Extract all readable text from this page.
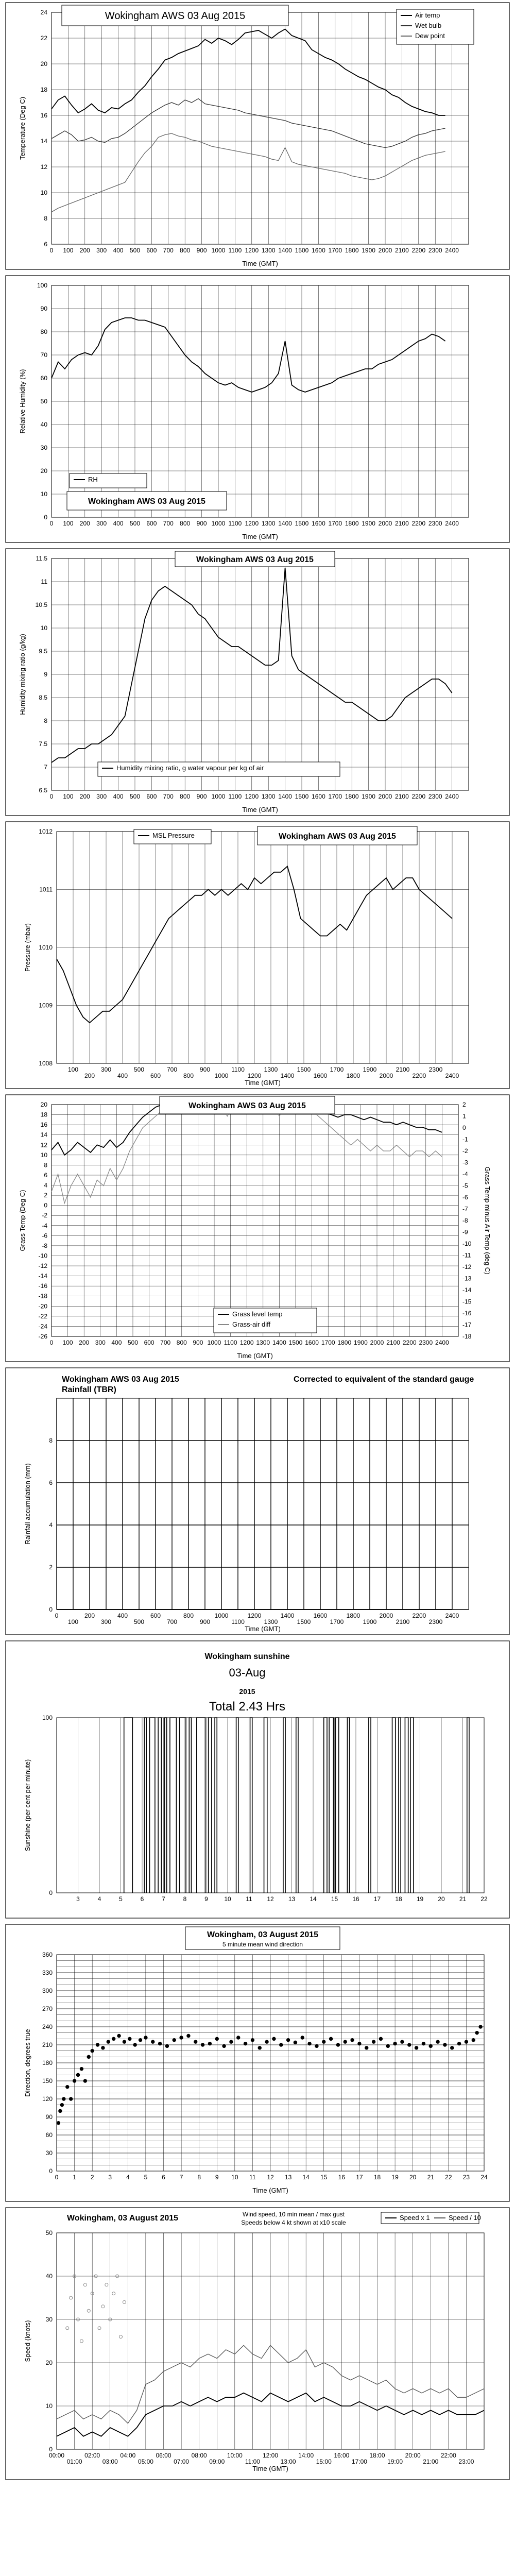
0 100 200 300 400 500 600 700 800 900 1000 1100 1200 1300 1400 1500 1600 1700 1800 1900 2000 2100 2200 2300 2400
6
8
10
12
14
16
18
20
22
24
Time (GMT)
Temperature (Deg C)
Wokingham AWS 03 Aug 2015	Air temp
Wet bulb
Dew point
0 100 200 300 400 500 600 700 800 900 1000 1100 1200 1300 1400 1500 1600 1700 1800 1900 2000 2100 2200 2300 2400
0
10
20
30
40
50
60
70
80
90
100
Time (GMT)
Relative Humidity (%)
Wokingham AWS 03 Aug 2015
RH
0 100 200 300 400 500 600 700 800 900 1000 1100 1200 1300 1400 1500 1600 1700 1800 1900 2000 2100 2200 2300 2400
6.5
7
7.5
8
8.5
9
9.5
10
10.5
11
11.5
Time (GMT)
Humidity mixing ratio (g/kg)
Wokingham AWS 03 Aug 2015
Humidity mixing ratio, g water vapour per kg of air
100
200
300
400
500
600
700
800
900
1000
1100
1200
1300
1400
1500
1600
1700
1800
1900
2000
2100
2200
2300
2400
1008
1009
1010
1011
1012
Time (GMT)
Pressure (mbar)
Wokingham AWS 03 Aug 2015
MSL Pressure
0 100 200 300 400 500 600 700 800 900 1000 1100 1200 1300 1400 1500 1600 1700 1800 1900 2000 2100 2200 2300 2400
-26
-24
-22
-20
-18
-16
-14
-12
-10
-8
-6
-4
-2
0
2
4
6
8
10
12
14
16
18
20
-18
-17
-16
-15
-14
-13
-12
-11
-10
-9
-8
-7
-6
-5
-4
-3
-2
-1
0
1
2
Grass Temp minus Air Temp (deg C)
Time (GMT)
Grass Temp (Deg C)
Wokingham AWS 03 Aug 2015
Grass level temp
Grass-air diff
0
100
200
300
400
500
600
700
800
900
1000
1100
1200
1300
1400
1500
1600
1700
1800
1900
2000
2100
2200
2300
2400
0
2
4
6
8
Time (GMT)
Rainfall accumulation (mm)
Wokingham AWS 03 Aug 2015
Rainfall (TBR)
Corrected to equivalent of the standard gauge
3	4	5	6	7	8	9	10 11 12 13 14 15 16 17 18 19 20 21 22
0
100
Sunshine (per cent per minute)
Wokingham sunshine
03-Aug
2015
Total 2.43 Hrs
0 1 2 3 4 5 6 7 8 9 10 11 12 13 14 15 16 17 18 19 20 21 22 23 24
0
30
60
90
120
150
180
210
240
270
300
330
360
Time (GMT)
Direction, degrees true
Wokingham, 03 August 2015
5 minute mean wind direction
00:00
01:00
02:00
03:00
04:00
05:00
06:00
07:00
08:00
09:00
10:00
11:00
12:00
13:00
14:00
15:00
16:00
17:00
18:00
19:00
20:00
21:00
22:00
23:00
0
10
20
30
40
50
Time (GMT)
Speed (knots)
Wokingham, 03 August 2015	Wind speed, 10 min mean / max gust
Speeds below 4 kt shown at x10 scale
Speed x 1	Speed / 10
